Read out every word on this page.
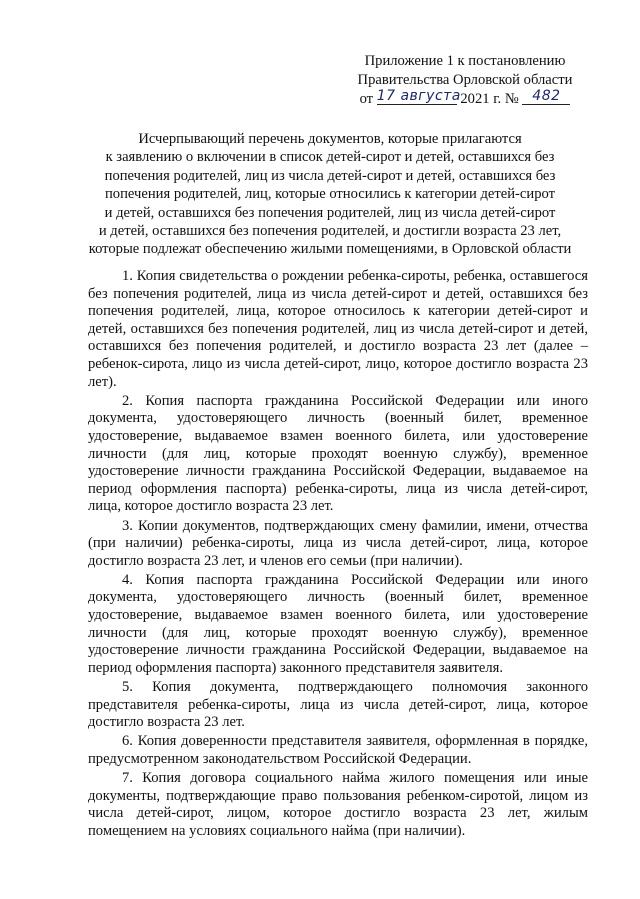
Приложение 1 к постановлению
Правительства Орловской области
от 17 августа 2021 г. № 482
Исчерпывающий перечень документов, которые прилагаются
к заявлению о включении в список детей-сирот и детей, оставшихся без
попечения родителей, лиц из числа детей-сирот и детей, оставшихся без
попечения родителей, лиц, которые относились к категории детей-сирот
и детей, оставшихся без попечения родителей, лиц из числа детей-сирот
и детей, оставшихся без попечения родителей, и достигли возраста 23 лет,
которые подлежат обеспечению жилыми помещениями, в Орловской области

1. Копия свидетельства о рождении ребенка-сироты, ребенка, оставшегося без попечения родителей, лица из числа детей-сирот и детей, оставшихся без попечения родителей, лица, которое относилось к категории детей-сирот и детей, оставшихся без попечения родителей, лиц из числа детей-сирот и детей, оставшихся без попечения родителей, и достигло возраста 23 лет (далее – ребенок-сирота, лицо из числа детей-сирот, лицо, которое достигло возраста 23 лет).

2. Копия паспорта гражданина Российской Федерации или иного документа, удостоверяющего личность (военный билет, временное удостоверение, выдаваемое взамен военного билета, или удостоверение личности (для лиц, которые проходят военную службу), временное удостоверение личности гражданина Российской Федерации, выдаваемое на период оформления паспорта) ребенка-сироты, лица из числа детей-сирот, лица, которое достигло возраста 23 лет.

3. Копии документов, подтверждающих смену фамилии, имени, отчества (при наличии) ребенка-сироты, лица из числа детей-сирот, лица, которое достигло возраста 23 лет, и членов его семьи (при наличии).

4. Копия паспорта гражданина Российской Федерации или иного документа, удостоверяющего личность (военный билет, временное удостоверение, выдаваемое взамен военного билета, или удостоверение личности (для лиц, которые проходят военную службу), временное удостоверение личности гражданина Российской Федерации, выдаваемое на период оформления паспорта) законного представителя заявителя.

5. Копия документа, подтверждающего полномочия законного представителя ребенка-сироты, лица из числа детей-сирот, лица, которое достигло возраста 23 лет.

6. Копия доверенности представителя заявителя, оформленная в порядке, предусмотренном законодательством Российской Федерации.

7. Копия договора социального найма жилого помещения или иные документы, подтверждающие право пользования ребенком-сиротой, лицом из числа детей-сирот, лицом, которое достигло возраста 23 лет, жилым помещением на условиях социального найма (при наличии).
